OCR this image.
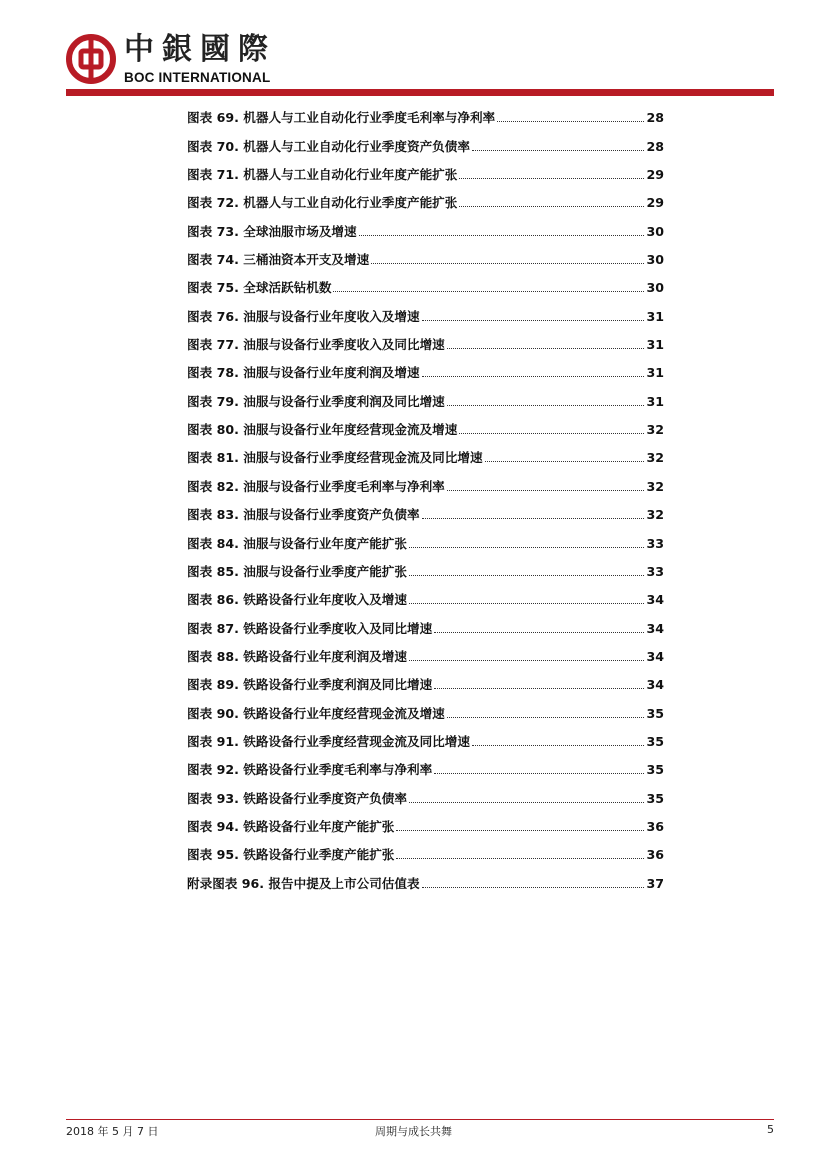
中銀國際
BOC INTERNATIONAL
图表 69. 机器人与工业自动化行业季度毛利率与净利率	28
图表 70. 机器人与工业自动化行业季度资产负债率	28
图表 71. 机器人与工业自动化行业年度产能扩张	29
图表 72. 机器人与工业自动化行业季度产能扩张	29
图表 73. 全球油服市场及增速	30
图表 74. 三桶油资本开支及增速	30
图表 75. 全球活跃钻机数	30
图表 76. 油服与设备行业年度收入及增速	31
图表 77. 油服与设备行业季度收入及同比增速	31
图表 78. 油服与设备行业年度利润及增速	31
图表 79. 油服与设备行业季度利润及同比增速	31
图表 80. 油服与设备行业年度经营现金流及增速	32
图表 81. 油服与设备行业季度经营现金流及同比增速	32
图表 82. 油服与设备行业季度毛利率与净利率	32
图表 83. 油服与设备行业季度资产负债率	32
图表 84. 油服与设备行业年度产能扩张	33
图表 85. 油服与设备行业季度产能扩张	33
图表 86. 铁路设备行业年度收入及增速	34
图表 87. 铁路设备行业季度收入及同比增速	34
图表 88. 铁路设备行业年度利润及增速	34
图表 89. 铁路设备行业季度利润及同比增速	34
图表 90. 铁路设备行业年度经营现金流及增速	35
图表 91. 铁路设备行业季度经营现金流及同比增速	35
图表 92. 铁路设备行业季度毛利率与净利率	35
图表 93. 铁路设备行业季度资产负债率	35
图表 94. 铁路设备行业年度产能扩张	36
图表 95. 铁路设备行业季度产能扩张	36
附录图表 96. 报告中提及上市公司估值表	37
2018 年 5 月 7 日	周期与成长共舞	5
